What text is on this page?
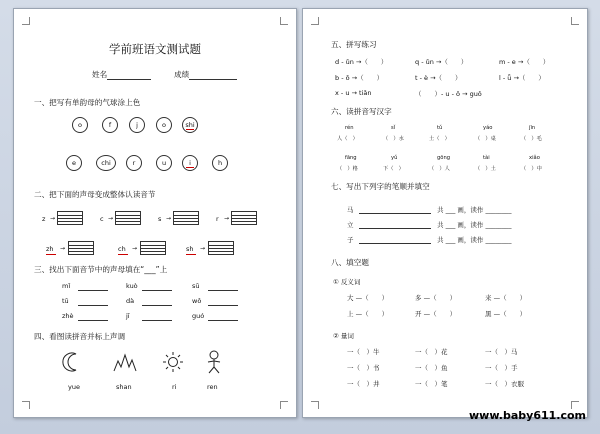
学前班语文测试题
姓名	成绩
一、把写有单韵母的气球涂上色
o	f	j	o	shi
e	chi	r	u	i	h
二、把下面的声母变成整体认读音节
z →	c →	s →	r →
zh →	ch →	sh →
三、找出下面音节中的声母填在“___”上
mǐ	kuò	sū
tū	dà	wǒ
zhè	jī	guó
四、看图读拼音并标上声调
yue	shan	ri	ren
五、拼写练习
d - ǔn →（　　）	q - ǔn →（　　）	m - e →（　　）
b - ō →（　　）	t - è →（　　）	l - ǖ →（　　）
x - u → tiǎn	（　　）- u - ǒ → guǒ
六、读拼音写汉字
rén	sǐ	tǔ	yáo	jīn
人（　）	（　）水	土（　）	（　）桌	（　）毛
fāng	yǔ	gōng	tài	xiǎo
（　）格	下（　）	（　）人	（　）土	（　）中
七、写出下列字的笔顺并填空
马	共 ___ 画，读作 ________
立	共 ___ 画，读作 ________
子	共 ___ 画，读作 ________
八、填空题
① 反义词
大 —（　　）	多 —（　　）	来 —（　　）
上 —（　　）	开 —（　　）	黑 —（　　）
② 量词
一（　）牛	一（　）花	一（　）马
一（　）书	一（　）鱼	一（　）手
一（　）井	一（　）笔	一（　）衣服
www.baby611.com
